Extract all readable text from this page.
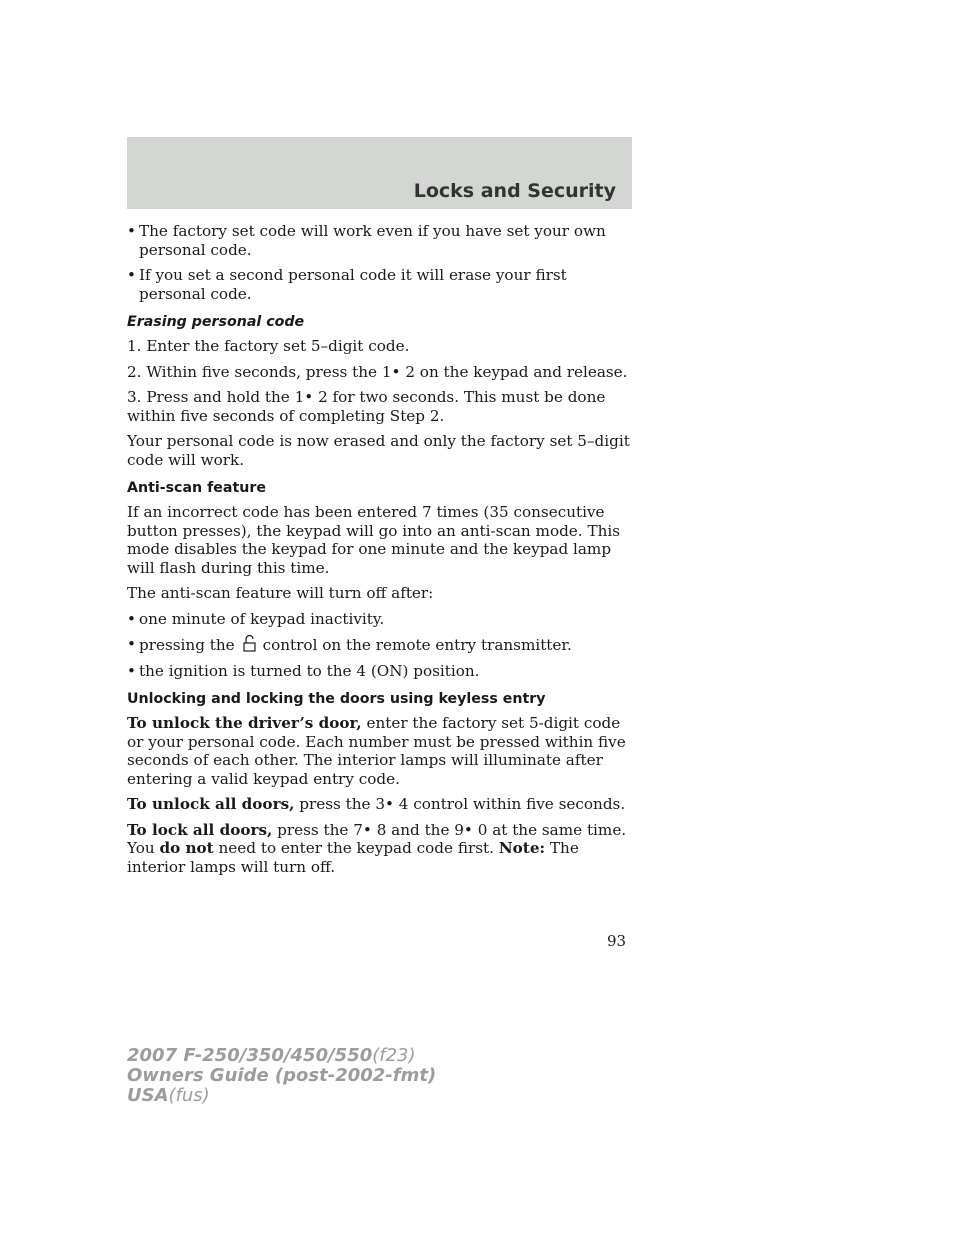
Locks and Security
• The factory set code will work even if you have set your own personal code.
• If you set a second personal code it will erase your first personal code.
Erasing personal code

1. Enter the factory set 5–digit code.

2. Within five seconds, press the 1• 2 on the keypad and release.

3. Press and hold the 1• 2 for two seconds. This must be done within five seconds of completing Step 2.

Your personal code is now erased and only the factory set 5–digit code will work.

Anti-scan feature

If an incorrect code has been entered 7 times (35 consecutive button presses), the keypad will go into an anti-scan mode. This mode disables the keypad for one minute and the keypad lamp will flash during this time.

The anti-scan feature will turn off after:

• one minute of keypad inactivity.
• pressing the control on the remote entry transmitter.
• the ignition is turned to the 4 (ON) position.
Unlocking and locking the doors using keyless entry

To unlock the driver’s door, enter the factory set 5-digit code or your personal code. Each number must be pressed within five seconds of each other. The interior lamps will illuminate after entering a valid keypad entry code.

To unlock all doors, press the 3• 4 control within five seconds.

To lock all doors, press the 7• 8 and the 9• 0 at the same time. You do not need to enter the keypad code first. Note: The interior lamps will turn off.

93
2007 F-250/350/450/550(f23)
Owners Guide (post-2002-fmt)
USA(fus)
